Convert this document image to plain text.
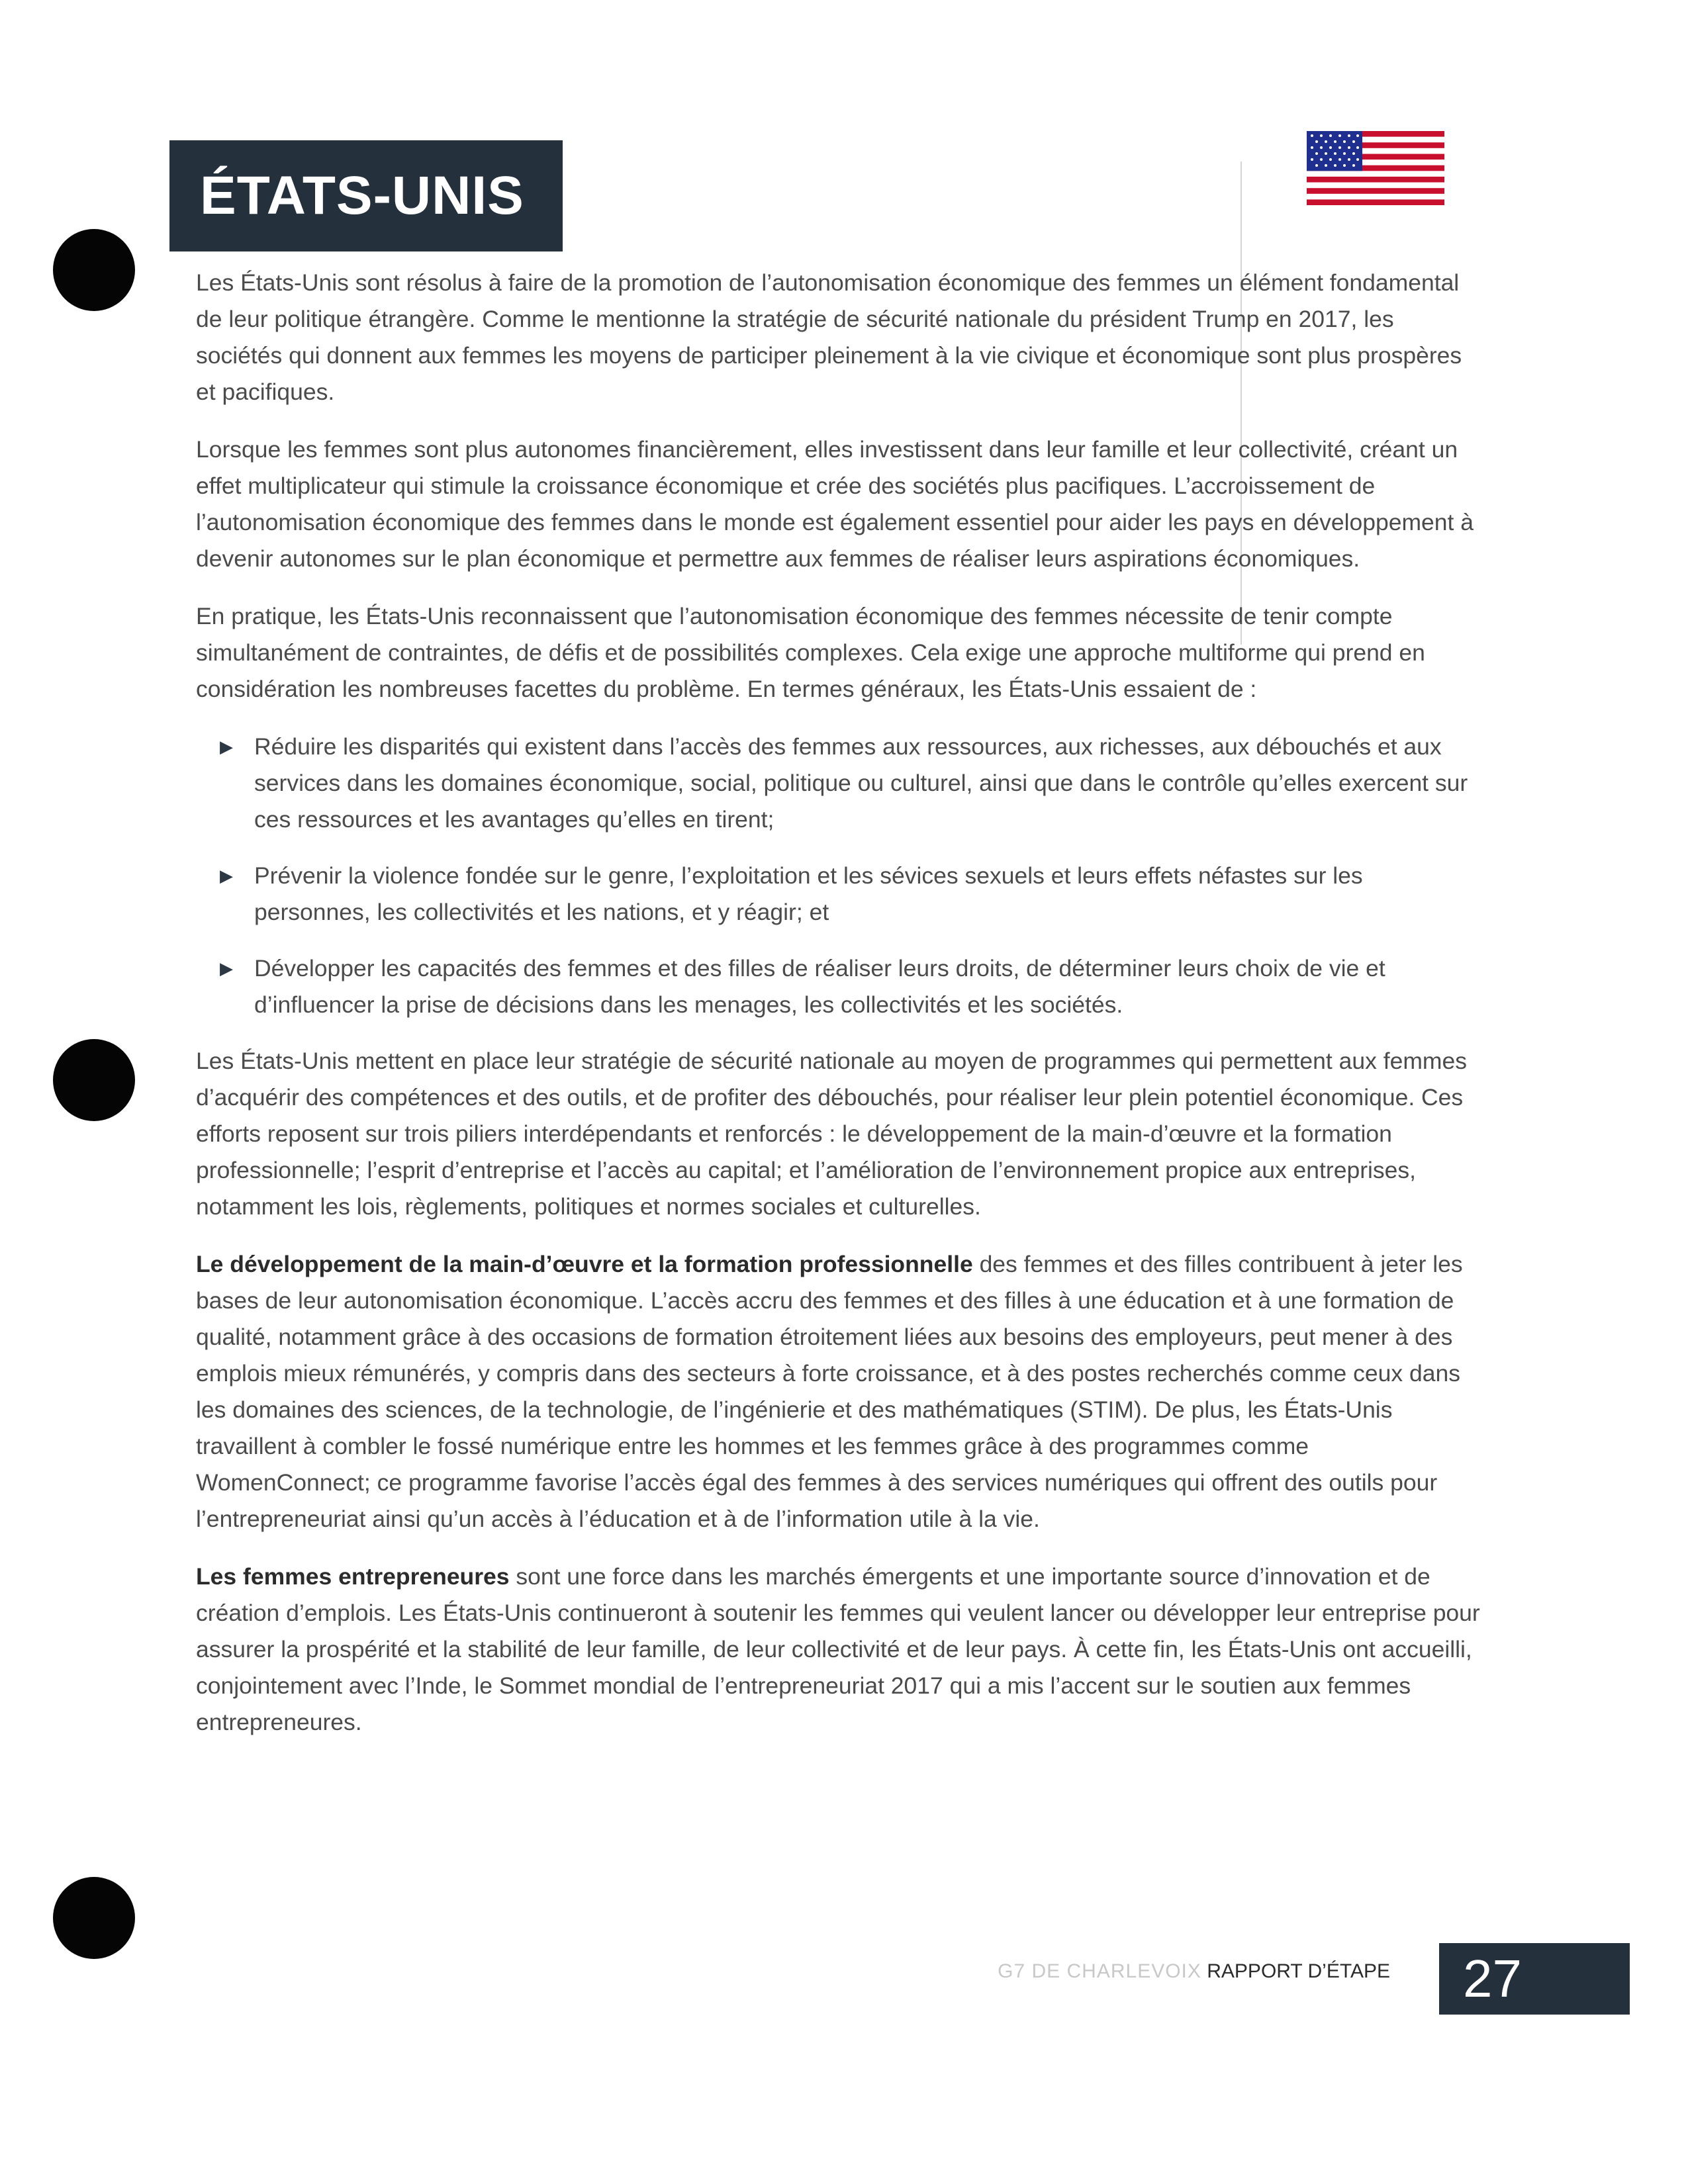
ÉTATS-UNIS

Les États-Unis sont résolus à faire de la promotion de l’autonomisation économique des femmes un élément fondamental de leur politique étrangère. Comme le mentionne la stratégie de sécurité nationale du président Trump en 2017, les sociétés qui donnent aux femmes les moyens de participer pleinement à la vie civique et économique sont plus prospères et pacifiques.

Lorsque les femmes sont plus autonomes financièrement, elles investissent dans leur famille et leur collectivité, créant un effet multiplicateur qui stimule la croissance économique et crée des sociétés plus pacifiques. L’accroissement de l’autonomisation économique des femmes dans le monde est également essentiel pour aider les pays en développement à devenir autonomes sur le plan économique et permettre aux femmes de réaliser leurs aspirations économiques.

En pratique, les États-Unis reconnaissent que l’autonomisation économique des femmes nécessite de tenir compte simultanément de contraintes, de défis et de possibilités complexes. Cela exige une approche multiforme qui prend en considération les nombreuses facettes du problème. En termes généraux, les États-Unis essaient de :

▶ Réduire les disparités qui existent dans l’accès des femmes aux ressources, aux richesses, aux débouchés et aux services dans les domaines économique, social, politique ou culturel, ainsi que dans le contrôle qu’elles exercent sur ces ressources et les avantages qu’elles en tirent;
▶ Prévenir la violence fondée sur le genre, l’exploitation et les sévices sexuels et leurs effets néfastes sur les personnes, les collectivités et les nations, et y réagir; et
▶ Développer les capacités des femmes et des filles de réaliser leurs droits, de déterminer leurs choix de vie et d’influencer la prise de décisions dans les menages, les collectivités et les sociétés.

Les États-Unis mettent en place leur stratégie de sécurité nationale au moyen de programmes qui permettent aux femmes d’acquérir des compétences et des outils, et de profiter des débouchés, pour réaliser leur plein potentiel économique. Ces efforts reposent sur trois piliers interdépendants et renforcés : le développement de la main-d’œuvre et la formation professionnelle; l’esprit d’entreprise et l’accès au capital; et l’amélioration de l’environnement propice aux entreprises, notamment les lois, règlements, politiques et normes sociales et culturelles.

Le développement de la main-d’œuvre et la formation professionnelle des femmes et des filles contribuent à jeter les bases de leur autonomisation économique. L’accès accru des femmes et des filles à une éducation et à une formation de qualité, notamment grâce à des occasions de formation étroitement liées aux besoins des employeurs, peut mener à des emplois mieux rémunérés, y compris dans des secteurs à forte croissance, et à des postes recherchés comme ceux dans les domaines des sciences, de la technologie, de l’ingénierie et des mathématiques (STIM). De plus, les États-Unis travaillent à combler le fossé numérique entre les hommes et les femmes grâce à des programmes comme WomenConnect; ce programme favorise l’accès égal des femmes à des services numériques qui offrent des outils pour l’entrepreneuriat ainsi qu’un accès à l’éducation et à de l’information utile à la vie.

Les femmes entrepreneures sont une force dans les marchés émergents et une importante source d’innovation et de création d’emplois. Les États-Unis continueront à soutenir les femmes qui veulent lancer ou développer leur entreprise pour assurer la prospérité et la stabilité de leur famille, de leur collectivité et de leur pays. À cette fin, les États-Unis ont accueilli, conjointement avec l’Inde, le Sommet mondial de l’entrepreneuriat 2017 qui a mis l’accent sur le soutien aux femmes entrepreneures.

G7 DE CHARLEVOIX RAPPORT D’ÉTAPE 27
